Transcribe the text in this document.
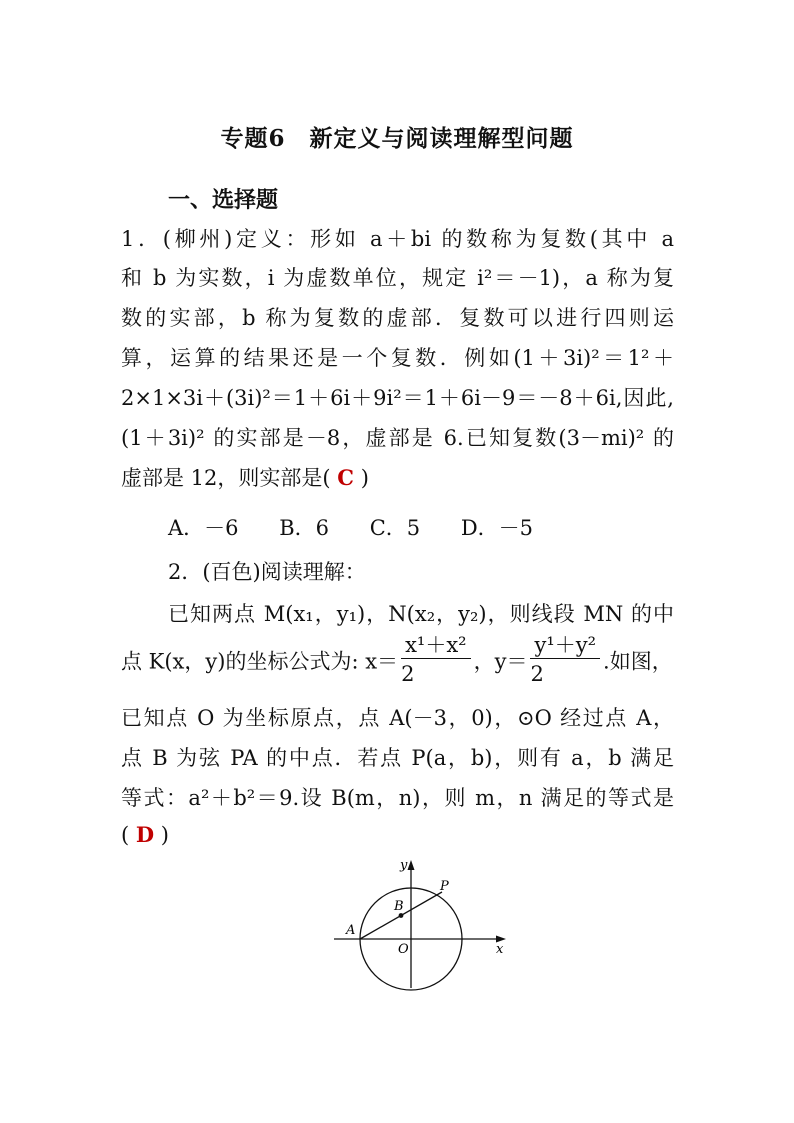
专题6　新定义与阅读理解型问题
一、选择题
1．(柳州)定义：形如 a＋bi 的数称为复数(其中 a
和 b 为实数，i 为虚数单位，规定 i²＝－1)，a 称为复
数的实部，b 称为复数的虚部．复数可以进行四则运
算，运算的结果还是一个复数．例如(1＋3i)²＝1²＋
2×1×3i＋(3i)²＝1＋6i＋9i²＝1＋6i－9＝－8＋6i,因此,
(1＋3i)² 的实部是－8，虚部是 6.已知复数(3－mi)² 的
虚部是 12，则实部是( C )
A．－6 B．6 C．5 D．－5
2．(百色)阅读理解：
已知两点 M(x₁，y₁)，N(x₂，y₂)，则线段 MN 的中
点 K(x，y)的坐标公式为: $x= \frac{\text{x¹＋x²}}{2}$ ，$y= \frac{\text{y¹＋y²}}{2}$ .如图，
已知点 O 为坐标原点，点 A(－3，0)，⊙O 经过点 A，
点 B 为弦 PA 的中点．若点 P(a，b)，则有 a，b 满足
等式：a²＋b²＝9.设 B(m，n)，则 m，n 满足的等式是
( D )
y
x
P
B
A
O
